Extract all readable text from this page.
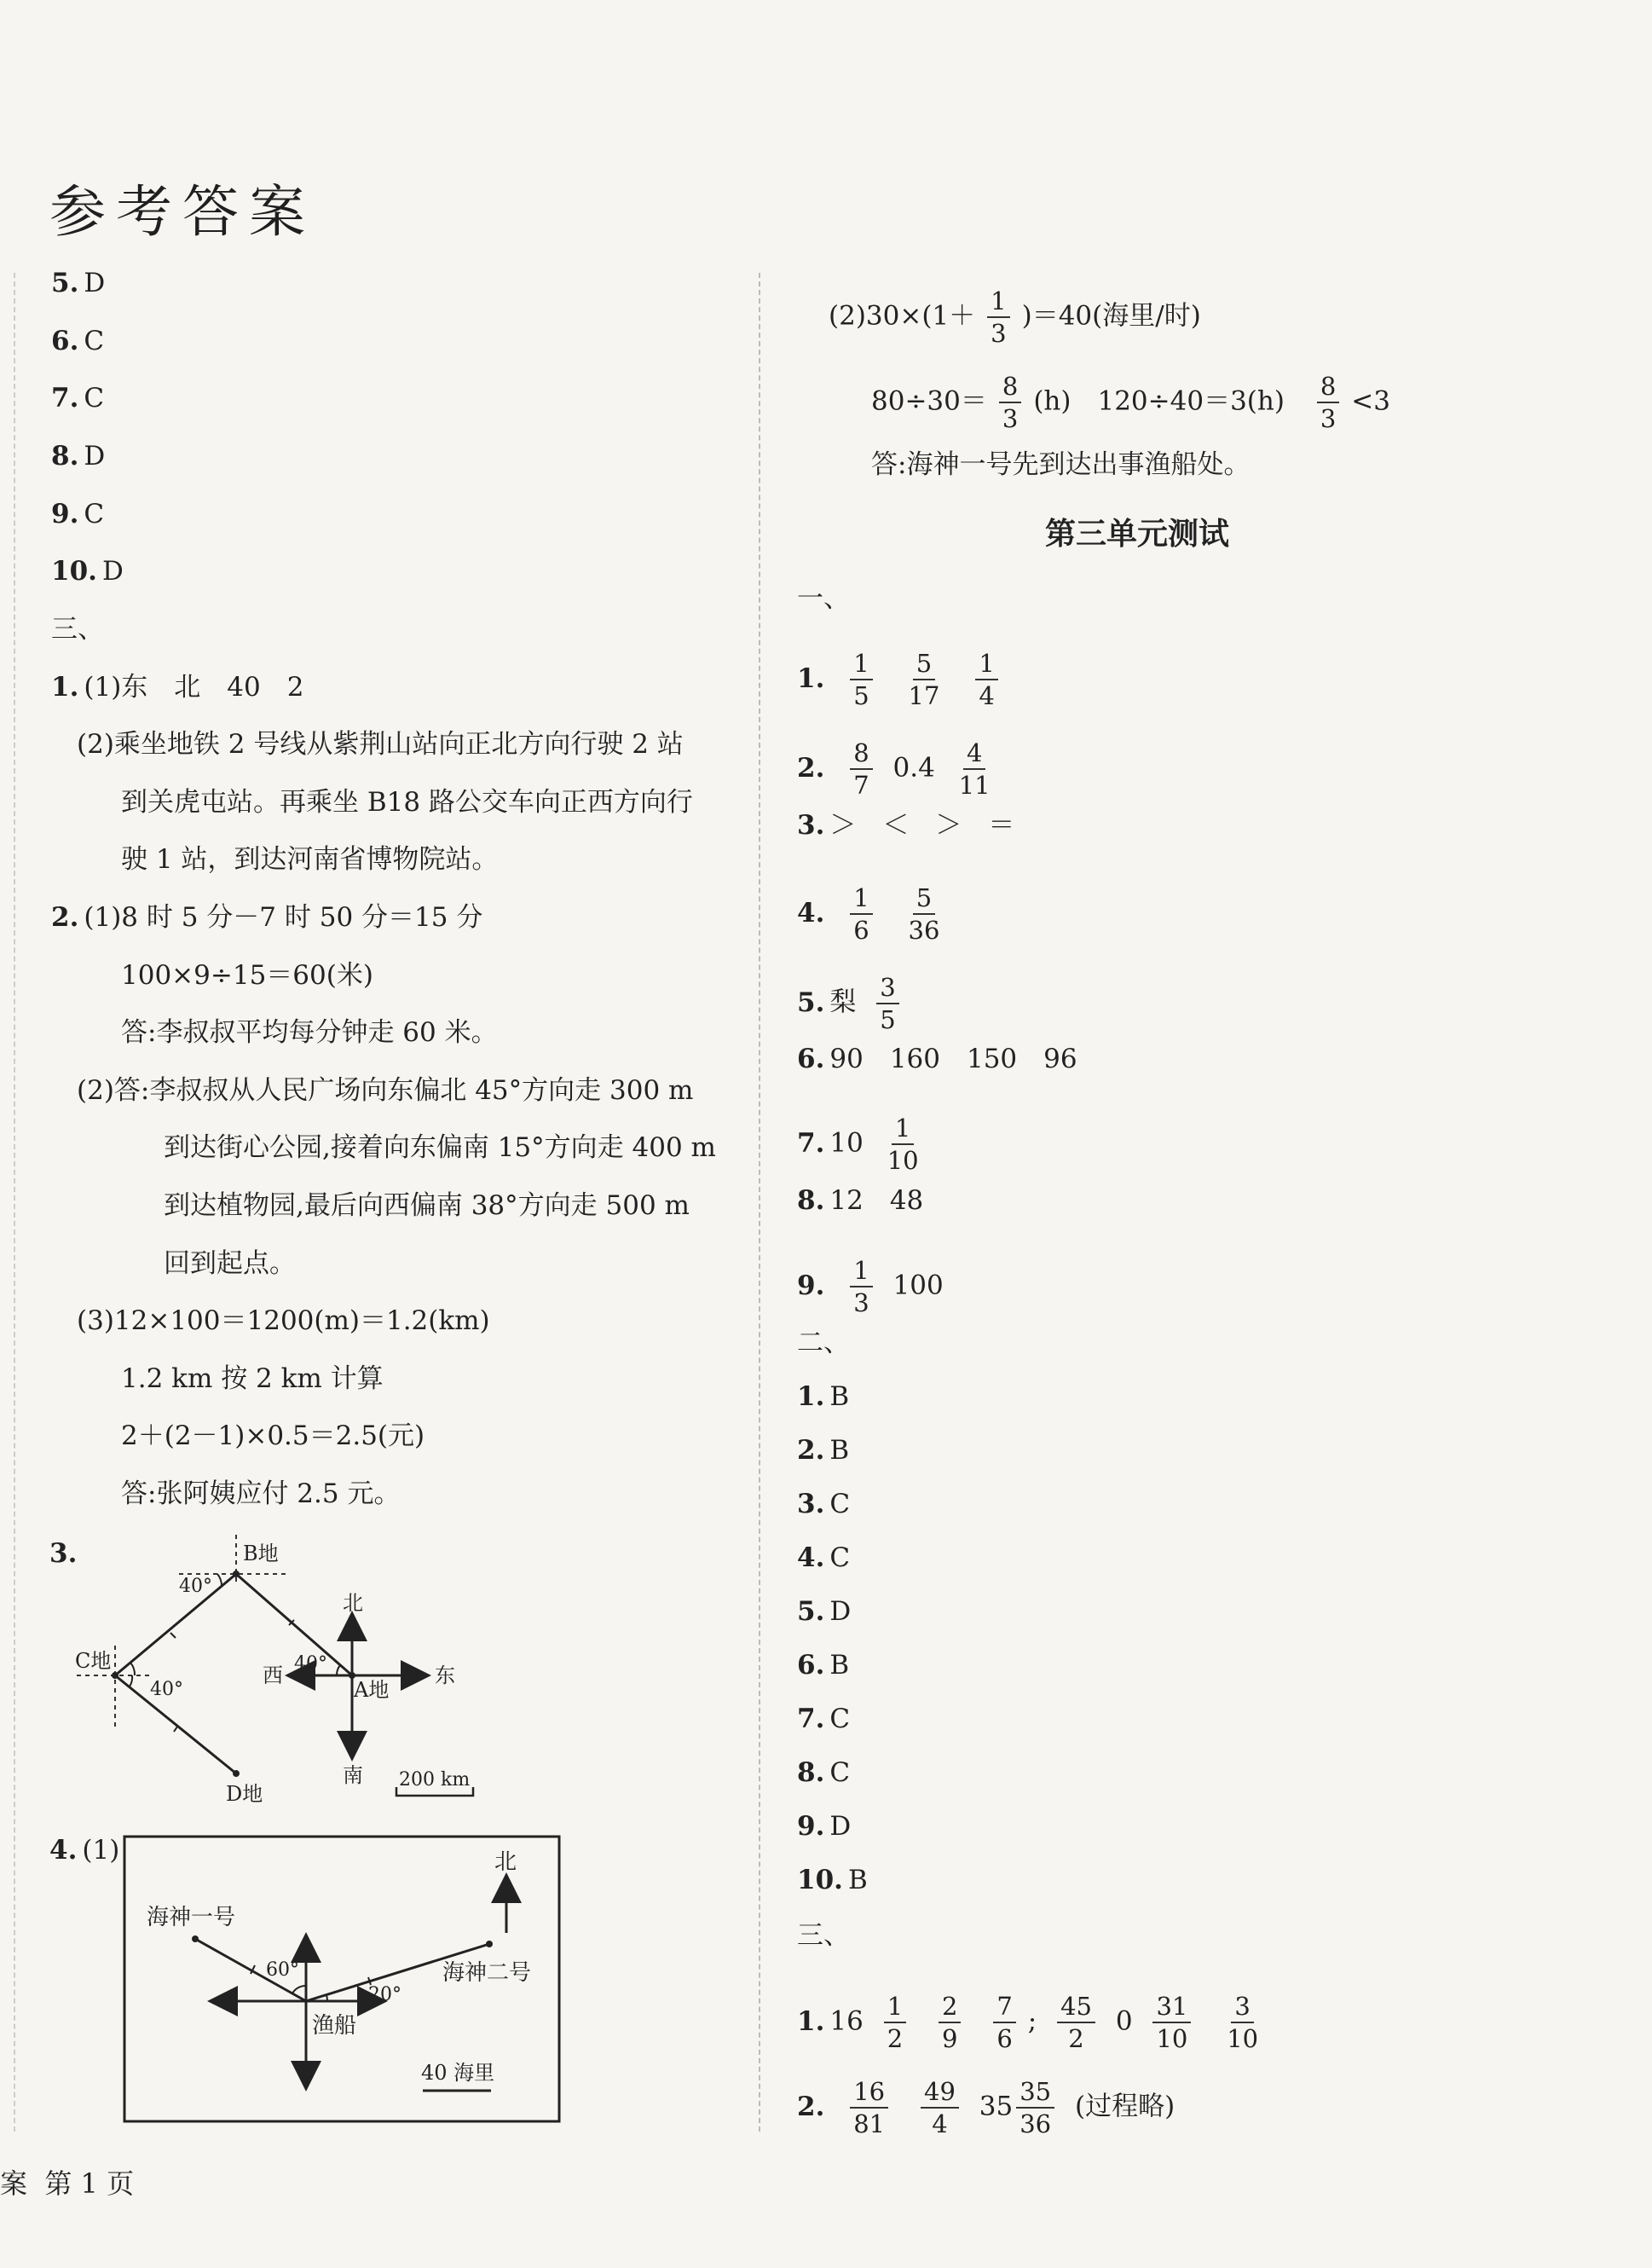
参考答案
5. D
6. C
7. C
8. D
9. C
10. D
三、
1. (1)东　北　40　2
(2)乘坐地铁 2 号线从紫荆山站向正北方向行驶 2 站
到关虎屯站。再乘坐 B18 路公交车向正西方向行
驶 1 站，到达河南省博物院站。
2. (1)8 时 5 分－7 时 50 分＝15 分
100×9÷15＝60(米)
答:李叔叔平均每分钟走 60 米。
(2)答:李叔叔从人民广场向东偏北 45°方向走 300 m
到达街心公园,接着向东偏南 15°方向走 400 m
到达植物园,最后向西偏南 38°方向走 500 m
回到起点。
(3)12×100＝1200(m)＝1.2(km)
1.2 km 按 2 km 计算
2＋(2－1)×0.5＝2.5(元)
答:张阿姨应付 2.5 元。
3.	B地
C地
D地
A地
40°
40°
40°
北
南
东
西
200 km
4. (1)	北
海神一号
海神二号
渔船
60°
20°
40 海里
$(2)30\times(1+ \frac{1}{3} )=40$(海里/时)
$80\div 30= \frac{8}{3} (h)$　$120\div 40=3(h) \frac{8}{3} <3$
答:海神一号先到达出事渔船处。
第三单元测试
一、
1. $\frac{1}{5}$
$\frac{5}{17}$
$\frac{1}{4}$
2. $\frac{8}{7} 0.4 \frac{4}{11}$
3. ＞　＜　＞　＝
4. $\frac{1}{6}$
$\frac{5}{36}$
5. 梨 $\frac{3}{5}$
6. 90　160　150　96
7. $10 \frac{1}{10}$
8. 12　48
9. $\frac{1}{3} 100$
二、
1. B
2. B
3. C
4. C
5. D
6. B
7. C
8. C
9. D
10. B
三、
1. $16 \frac{1}{2}$
$\frac{2}{9}$
$\frac{7}{6}$ ; $\frac{45}{2} 0 \frac{31}{10}$
$\frac{3}{10}$
2. $\frac{16}{81}$
$\frac{49}{4} 35 \frac{35}{36}$ (过程略)
案 第 1 页
